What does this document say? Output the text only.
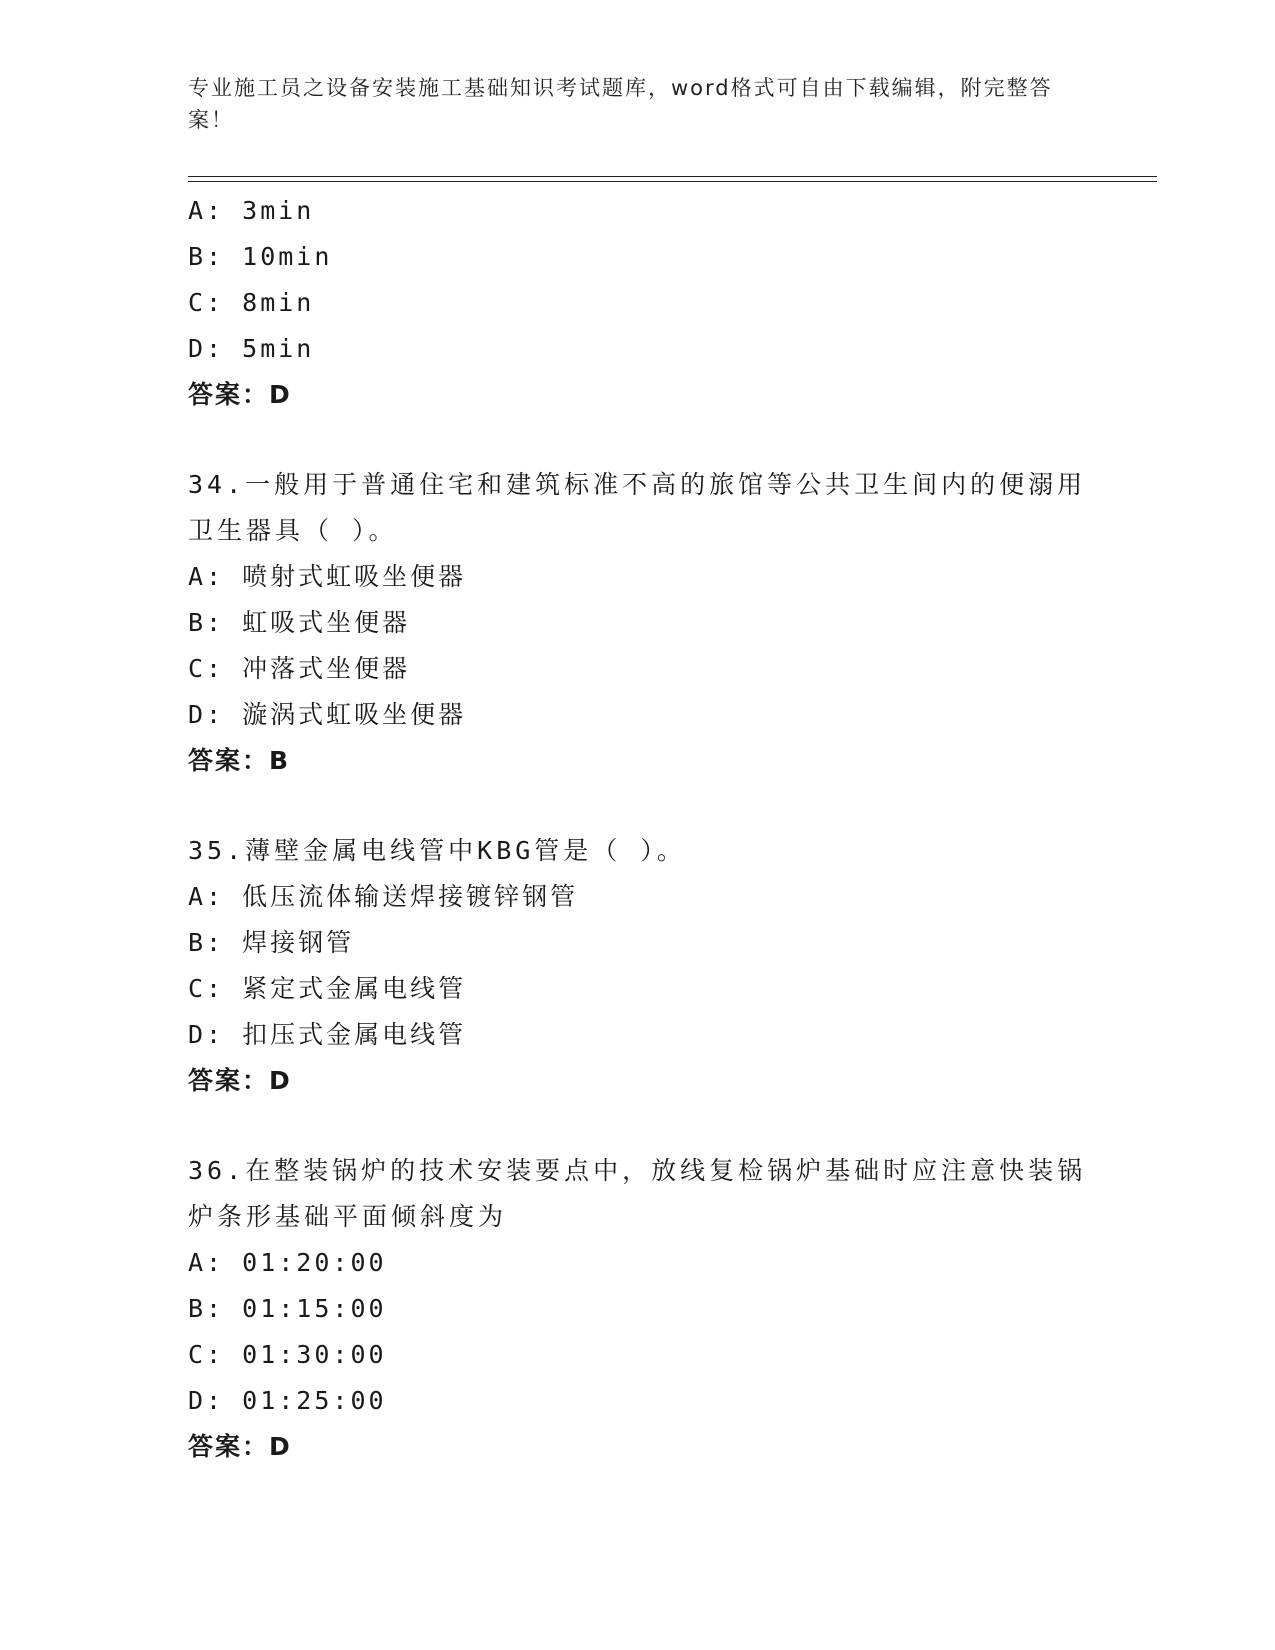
专业施工员之设备安装施工基础知识考试题库，word格式可自由下载编辑，附完整答案！
A: 3min
B: 10min
C: 8min
D: 5min
答案：D
34.一般用于普通住宅和建筑标准不高的旅馆等公共卫生间内的便溺用
卫生器具（ ）。
A: 喷射式虹吸坐便器
B: 虹吸式坐便器
C: 冲落式坐便器
D: 漩涡式虹吸坐便器
答案：B
35.薄壁金属电线管中KBG管是（ ）。
A: 低压流体输送焊接镀锌钢管
B: 焊接钢管
C: 紧定式金属电线管
D: 扣压式金属电线管
答案：D
36.在整装锅炉的技术安装要点中，放线复检锅炉基础时应注意快装锅
炉条形基础平面倾斜度为
A: 01:20:00
B: 01:15:00
C: 01:30:00
D: 01:25:00
答案：D
